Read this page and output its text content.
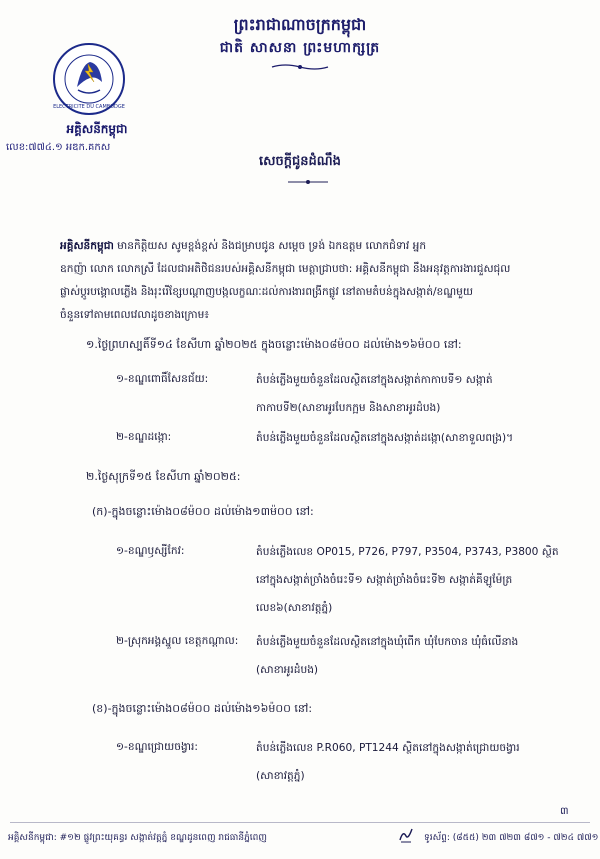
ព្រះរាជាណាចក្រកម្ពុជា
ជាតិ សាសនា ព្រះមហាក្សត្រ
ELECTRICITE DU CAMBODGE
អគ្គិសនីកម្ពុជា
លេខ:៧៧៤.១ អឌក.គកស
សេចក្តីជូនដំណឹង
អគ្គិសនីកម្ពុជា មានកិត្តិយស សូមខ្ពង់ខ្ពស់ និងជម្រាបជូន សម្តេច ទ្រង់ ឯកឧត្តម លោកជំទាវ អ្នក
ឧកញ៉ា លោក លោកស្រី ដែលជាអតិថិជនរបស់អគ្គិសនីកម្ពុជា មេត្តាជ្រាបថា: អគ្គិសនីកម្ពុជា នឹងអនុវត្តការងារជួសជុល
ផ្លាស់ប្តូរបង្គោលភ្លើង និងរុះរើខ្សែបណ្តាញបង្កលក្ខណៈដល់ការងារពង្រីកផ្លូវ នៅតាមតំបន់ក្នុងសង្កាត់/ខណ្ឌមួយ
ចំនួនទៅតាមពេលវេលាដូចខាងក្រោម៖
១.ថ្ងៃព្រហស្បតិ៍ទី១៤ ខែសីហា ឆ្នាំ២០២៥ ក្នុងចន្លោះម៉ោង០៨ម៉០០ ដល់ម៉ោង១៦ម៉០០ នៅ:
១-ខណ្ឌពោធិ៍សែនជ័យ:	តំបន់ភ្លើងមួយចំនួនដែលស្ថិតនៅក្នុងសង្កាត់កាកាបទី១ សង្កាត់
កាកាបទី២(សាខាអូរបែកក្អម និងសាខាអូរដំបង)
២-ខណ្ឌដង្កោ:	តំបន់ភ្លើងមួយចំនួនដែលស្ថិតនៅក្នុងសង្កាត់ដង្កោ(សាខាទួលពង្រ)។
២.ថ្ងៃសុក្រទី១៥ ខែសីហា ឆ្នាំ២០២៥:
(ក)-ក្នុងចន្លោះម៉ោង០៨ម៉០០ ដល់ម៉ោង១៣ម៉០០ នៅ:
១-ខណ្ឌឫស្សីកែវ:	តំបន់ភ្លើងលេខ OP015, P726, P797, P3504, P3743, P3800 ស្ថិត
នៅក្នុងសង្កាត់ច្រាំងចំរេះទី១ សង្កាត់ច្រាំងចំរេះទី២ សង្កាត់គីឡូម៉ែត្រ
លេខ៦(សាខាវត្តភ្នំ)
២-ស្រុកអង្គស្នួល ខេត្តកណ្តាល: តំបន់ភ្លើងមួយចំនួនដែលស្ថិតនៅក្នុងឃុំពើក ឃុំបែកចាន ឃុំធំលើនាង
(សាខាអូរដំបង)
(ខ)-ក្នុងចន្លោះម៉ោង០៨ម៉០០ ដល់ម៉ោង១៦ម៉០០ នៅ:
១-ខណ្ឌជ្រោយចង្វារ:	តំបន់ភ្លើងលេខ P.R060, PT1244 ស្ថិតនៅក្នុងសង្កាត់ជ្រោយចង្វារ
(សាខាវត្តភ្នំ)
៣
អគ្គិសនីកម្ពុជា: #១២ ផ្លូវព្រះយុគន្ធរ សង្កាត់វត្តភ្នំ ខណ្ឌដូនពេញ រាជធានីភ្នំពេញ	ទូរស័ព្ទ: (៨៥៥) ២៣ ៧២៣ ៨៧១ - ៧២៤ ៧៧១
